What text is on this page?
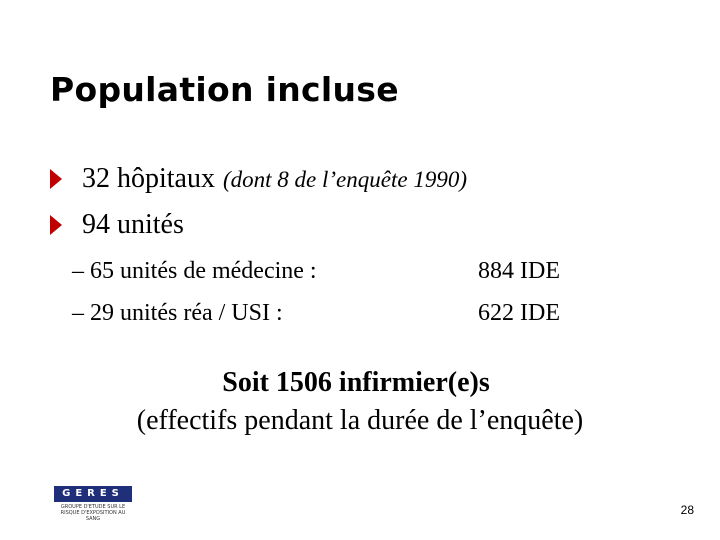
Population incluse
32 hôpitaux (dont 8 de l’enquête 1990)
94 unités
– 65 unités de médecine :	884 IDE
– 29 unités réa / USI :	622 IDE
Soit 1506 infirmier(e)s
(effectifs pendant la durée de l’enquête)
GERES
GROUPE D'ETUDE SUR LE RISQUE D'EXPOSITION AU SANG
28
